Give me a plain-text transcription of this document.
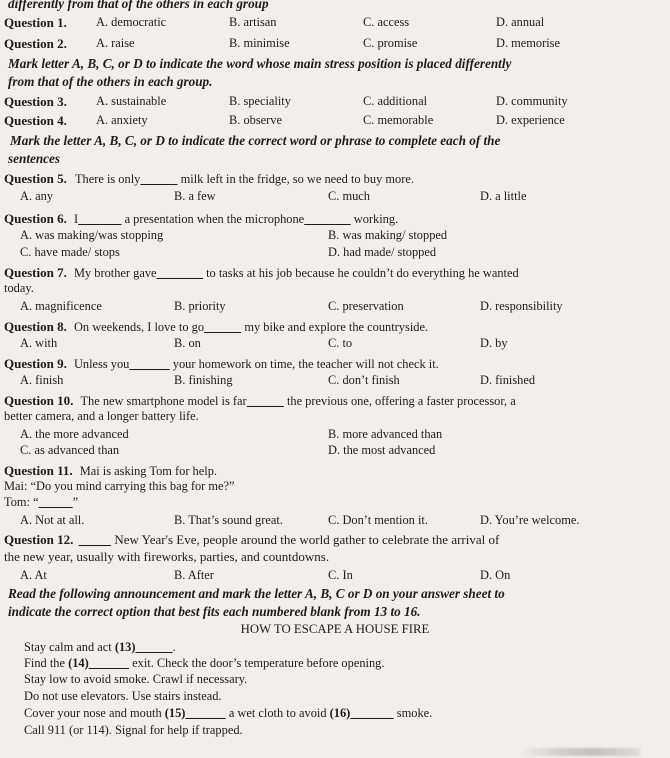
differently from that of the others in each group
Question 1. A. democratic	B. artisan	C. access	D. annual
Question 2. A. raise	B. minimise	C. promise	D. memorise
Mark letter A, B, C, or D to indicate the word whose main stress position is placed differently
from that of the others in each group.
Question 3. A. sustainable	B. speciality	C. additional	D. community
Question 4. A. anxiety	B. observe	C. memorable	D. experience
Mark the letter A, B, C, or D to indicate the correct word or phrase to complete each of the
sentences
Question 5. There is only	milk left in the fridge, so we need to buy more.
A. any	B. a few	C. much	D. a little
Question 6. I	a presentation when the microphone	working.
A. was making/was stopping	B. was making/ stopped
C. have made/ stops	D. had made/ stopped
Question 7. My brother gave	to tasks at his job because he couldn’t do everything he wanted
today.
A. magnificence	B. priority	C. preservation	D. responsibility
Question 8. On weekends, I love to go	my bike and explore the countryside.
A. with	B. on	C. to	D. by
Question 9. Unless you	your homework on time, the teacher will not check it.
A. finish	B. finishing	C. don’t finish	D. finished
Question 10. The new smartphone model is far	the previous one, offering a faster processor, a
better camera, and a longer battery life.
A. the more advanced	B. more advanced than
C. as advanced than	D. the most advanced
Question 11. Mai is asking Tom for help.
Mai: “Do you mind carrying this bag for me?”
Tom: “	”
A. Not at all.	B. That’s sound great.	C. Don’t mention it.	D. You’re welcome.
Question 12.	New Year's Eve, people around the world gather to celebrate the arrival of
the new year, usually with fireworks, parties, and countdowns.
A. At	B. After	C. In	D. On
Read the following announcement and mark the letter A, B, C or D on your answer sheet to
indicate the correct option that best fits each numbered blank from 13 to 16.
HOW TO ESCAPE A HOUSE FIRE
Stay calm and act (13)	.
Find the (14)	exit. Check the door’s temperature before opening.
Stay low to avoid smoke. Crawl if necessary.
Do not use elevators. Use stairs instead.
Cover your nose and mouth (15)	a wet cloth to avoid (16)	smoke.
Call 911 (or 114). Signal for help if trapped.
